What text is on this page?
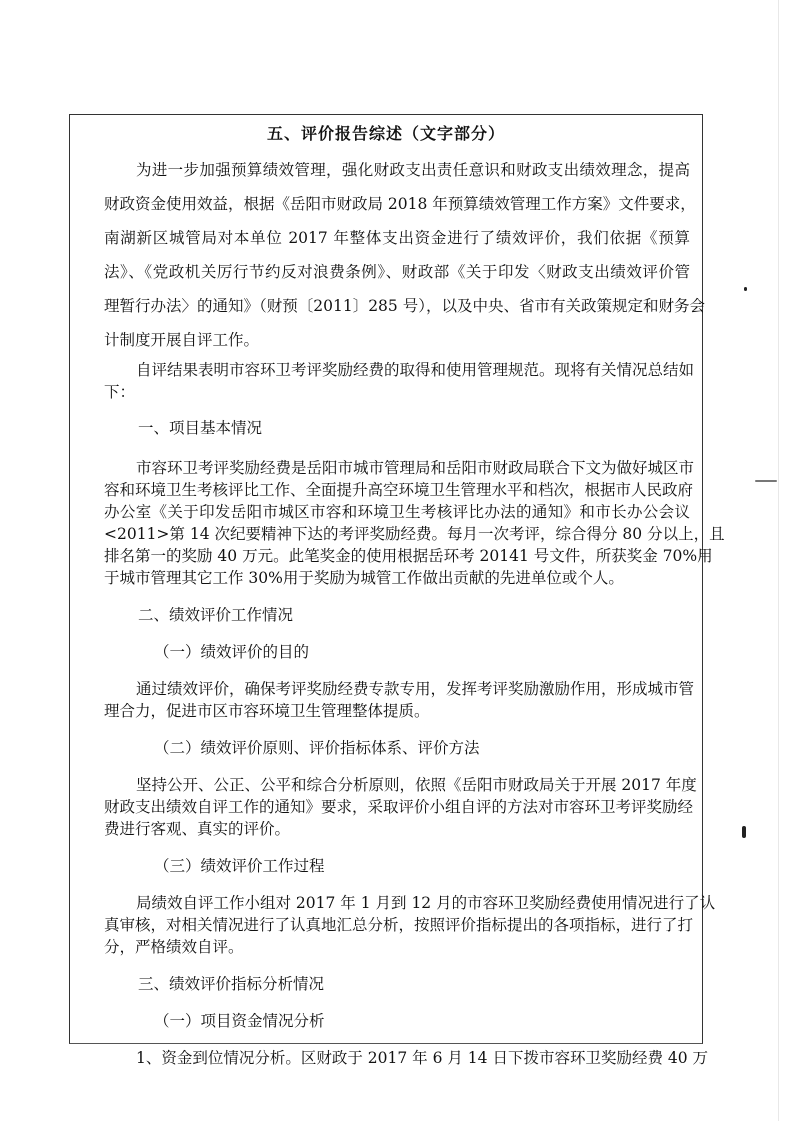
五、评价报告综述（文字部分）
为进一步加强预算绩效管理，强化财政支出责任意识和财政支出绩效理念，提高
财政资金使用效益，根据《岳阳市财政局 2018 年预算绩效管理工作方案》文件要求，
南湖新区城管局对本单位 2017 年整体支出资金进行了绩效评价，我们依据《预算
法》、《党政机关厉行节约反对浪费条例》、财政部《关于印发〈财政支出绩效评价管
理暂行办法〉的通知》（财预〔2011〕285 号），以及中央、省市有关政策规定和财务会
计制度开展自评工作。
自评结果表明市容环卫考评奖励经费的取得和使用管理规范。现将有关情况总结如
下：
一、项目基本情况
市容环卫考评奖励经费是岳阳市城市管理局和岳阳市财政局联合下文为做好城区市
容和环境卫生考核评比工作、全面提升高空环境卫生管理水平和档次，根据市人民政府
办公室《关于印发岳阳市城区市容和环境卫生考核评比办法的通知》和市长办公会议
<2011>第 14 次纪要精神下达的考评奖励经费。每月一次考评，综合得分 80 分以上，且
排名第一的奖励 40 万元。此笔奖金的使用根据岳环考 20141 号文件，所获奖金 70%用
于城市管理其它工作 30%用于奖励为城管工作做出贡献的先进单位或个人。
二、绩效评价工作情况
（一）绩效评价的目的
通过绩效评价，确保考评奖励经费专款专用，发挥考评奖励激励作用，形成城市管
理合力，促进市区市容环境卫生管理整体提质。
（二）绩效评价原则、评价指标体系、评价方法
坚持公开、公正、公平和综合分析原则，依照《岳阳市财政局关于开展 2017 年度
财政支出绩效自评工作的通知》要求，采取评价小组自评的方法对市容环卫考评奖励经
费进行客观、真实的评价。
（三）绩效评价工作过程
局绩效自评工作小组对 2017 年 1 月到 12 月的市容环卫奖励经费使用情况进行了认
真审核，对相关情况进行了认真地汇总分析，按照评价指标提出的各项指标，进行了打
分，严格绩效自评。
三、绩效评价指标分析情况
（一）项目资金情况分析
1、资金到位情况分析。区财政于 2017 年 6 月 14 日下拨市容环卫奖励经费 40 万
